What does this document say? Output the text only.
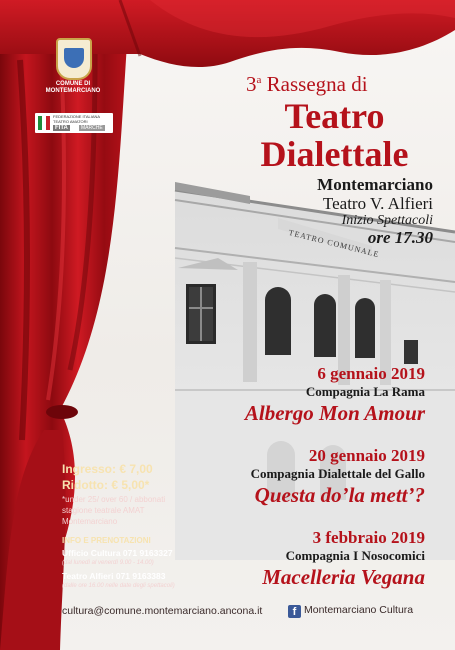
TEATRO COMUNALE
COMUNE DI
MONTEMARCIANO
FEDERAZIONE ITALIANA
TEATRO AMATORI
FITA	MARCHE
3$^a$ Rassegna di
Teatro
Dialettale
Montemarciano
Teatro V. Alfieri
Inizio Spettacoli
ore 17.30
6 gennaio 2019
Compagnia La Rama
Albergo Mon Amour
20 gennaio 2019
Compagnia Dialettale del Gallo
Questa do’la mett’?
3 febbraio 2019
Compagnia I Nosocomici
Macelleria Vegana
Ingresso: € 7,00
Ridotto: € 5,00*
*under 25/ over 60 / abbonati
stagione teatrale AMAT
Montemarciano
INFO E PRENOTAZIONI
Ufficio Cultura 071 9163327
(dal lunedì al venerdì 9.00 - 14.00)
Teatro Alfieri 071 9163383
(dalle ore 16.00 nelle date degli spettacoli)
cultura@comune.montemarciano.ancona.it	f Montemarciano Cultura
